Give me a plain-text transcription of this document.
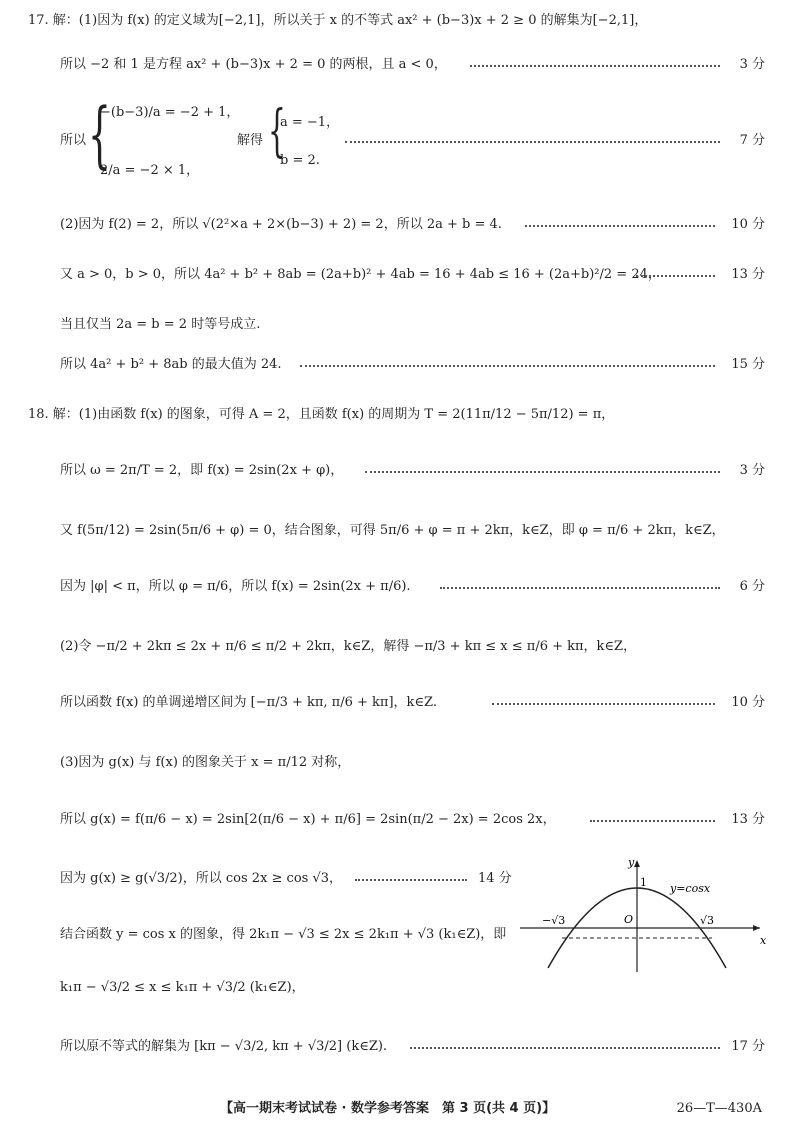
17. 解：(1)因为 f(x) 的定义域为[−2,1]，所以关于 x 的不等式 ax² + (b−3)x + 2 ≥ 0 的解集为[−2,1]，
所以 −2 和 1 是方程 ax² + (b−3)x + 2 = 0 的两根，且 a < 0，	3 分
所以	7 分
{
−(b−3)/a = −2 + 1，
2/a = −2 × 1，
解得 {
a = −1，
b = 2.
(2)因为 f(2) = 2，所以 √(2²×a + 2×(b−3) + 2) = 2，所以 2a + b = 4.	10 分
又 a > 0，b > 0，所以 4a² + b² + 8ab = (2a+b)² + 4ab = 16 + 4ab ≤ 16 + (2a+b)²/2 = 24，	13 分
当且仅当 2a = b = 2 时等号成立.
所以 4a² + b² + 8ab 的最大值为 24.	15 分
18. 解：(1)由函数 f(x) 的图象，可得 A = 2，且函数 f(x) 的周期为 T = 2(11π/12 − 5π/12) = π，
所以 ω = 2π/T = 2，即 f(x) = 2sin(2x + φ)，	3 分
又 f(5π/12) = 2sin(5π/6 + φ) = 0，结合图象，可得 5π/6 + φ = π + 2kπ，k∈Z，即 φ = π/6 + 2kπ，k∈Z，
因为 |φ| < π，所以 φ = π/6，所以 f(x) = 2sin(2x + π/6).	6 分
(2)令 −π/2 + 2kπ ≤ 2x + π/6 ≤ π/2 + 2kπ，k∈Z，解得 −π/3 + kπ ≤ x ≤ π/6 + kπ，k∈Z，
所以函数 f(x) 的单调递增区间为 [−π/3 + kπ, π/6 + kπ]，k∈Z.	10 分
(3)因为 g(x) 与 f(x) 的图象关于 x = π/12 对称，
所以 g(x) = f(π/6 − x) = 2sin[2(π/6 − x) + π/6] = 2sin(π/2 − 2x) = 2cos 2x，	13 分
因为 g(x) ≥ g(√3/2)，所以 cos 2x ≥ cos √3，	14 分
结合函数 y = cos x 的图象，得 2k₁π − √3 ≤ 2x ≤ 2k₁π + √3 (k₁∈Z)，即
k₁π − √3/2 ≤ x ≤ k₁π + √3/2 (k₁∈Z)，
所以原不等式的解集为 [kπ − √3/2, kπ + √3/2] (k∈Z).	17 分
y
x
O
1 y=cosx
−√3	√3
【高一期末考试试卷 · 数学参考答案　第 3 页(共 4 页)】	26—T—430A
